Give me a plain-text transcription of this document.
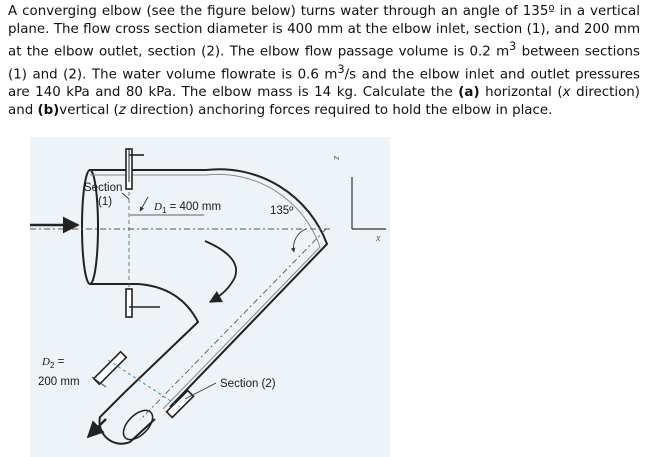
A converging elbow (see the figure below) turns water through an angle of 135º in a vertical plane. The flow cross section diameter is 400 mm at the elbow inlet, section (1), and 200 mm at the elbow outlet, section (2). The elbow flow passage volume is 0.2 $m^3$ between sections (1) and (2). The water volume flowrate is 0.6 $m^3/s$ and the elbow inlet and outlet pressures are 140 kPa and 80 kPa. The elbow mass is 14 kg. Calculate the (a) horizontal (x direction) and (b)vertical (z direction) anchoring forces required to hold the elbow in place.

Section
(1)	$D_1 = 400$ mm	135º
$D_2$ =
200 mm	Section (2)
z
x
